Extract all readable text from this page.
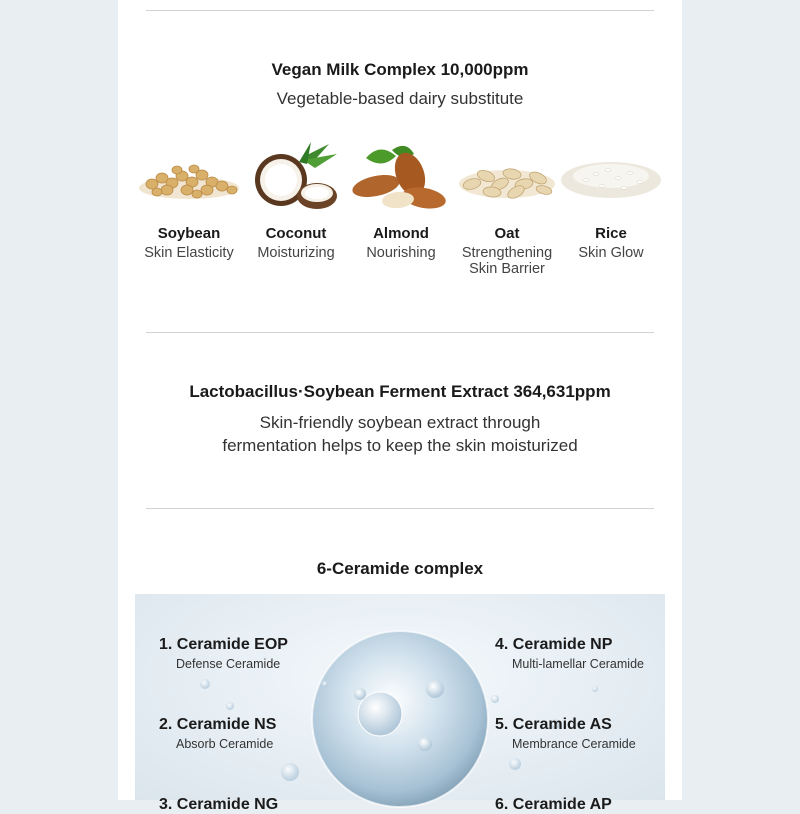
Vegan Milk Complex 10,000ppm
Vegetable-based dairy substitute
Soybean
Skin Elasticity
Coconut
Moisturizing
Almond
Nourishing
Oat
Strengthening Skin Barrier
Rice
Skin Glow
Lactobacillus·Soybean Ferment Extract 364,631ppm
Skin-friendly soybean extract through
fermentation helps to keep the skin moisturized
6-Ceramide complex
1. Ceramide EOP
Defense Ceramide
2. Ceramide NS
Absorb Ceramide
3. Ceramide NG
4. Ceramide NP
Multi-lamellar Ceramide
5. Ceramide AS
Membrance Ceramide
6. Ceramide AP
